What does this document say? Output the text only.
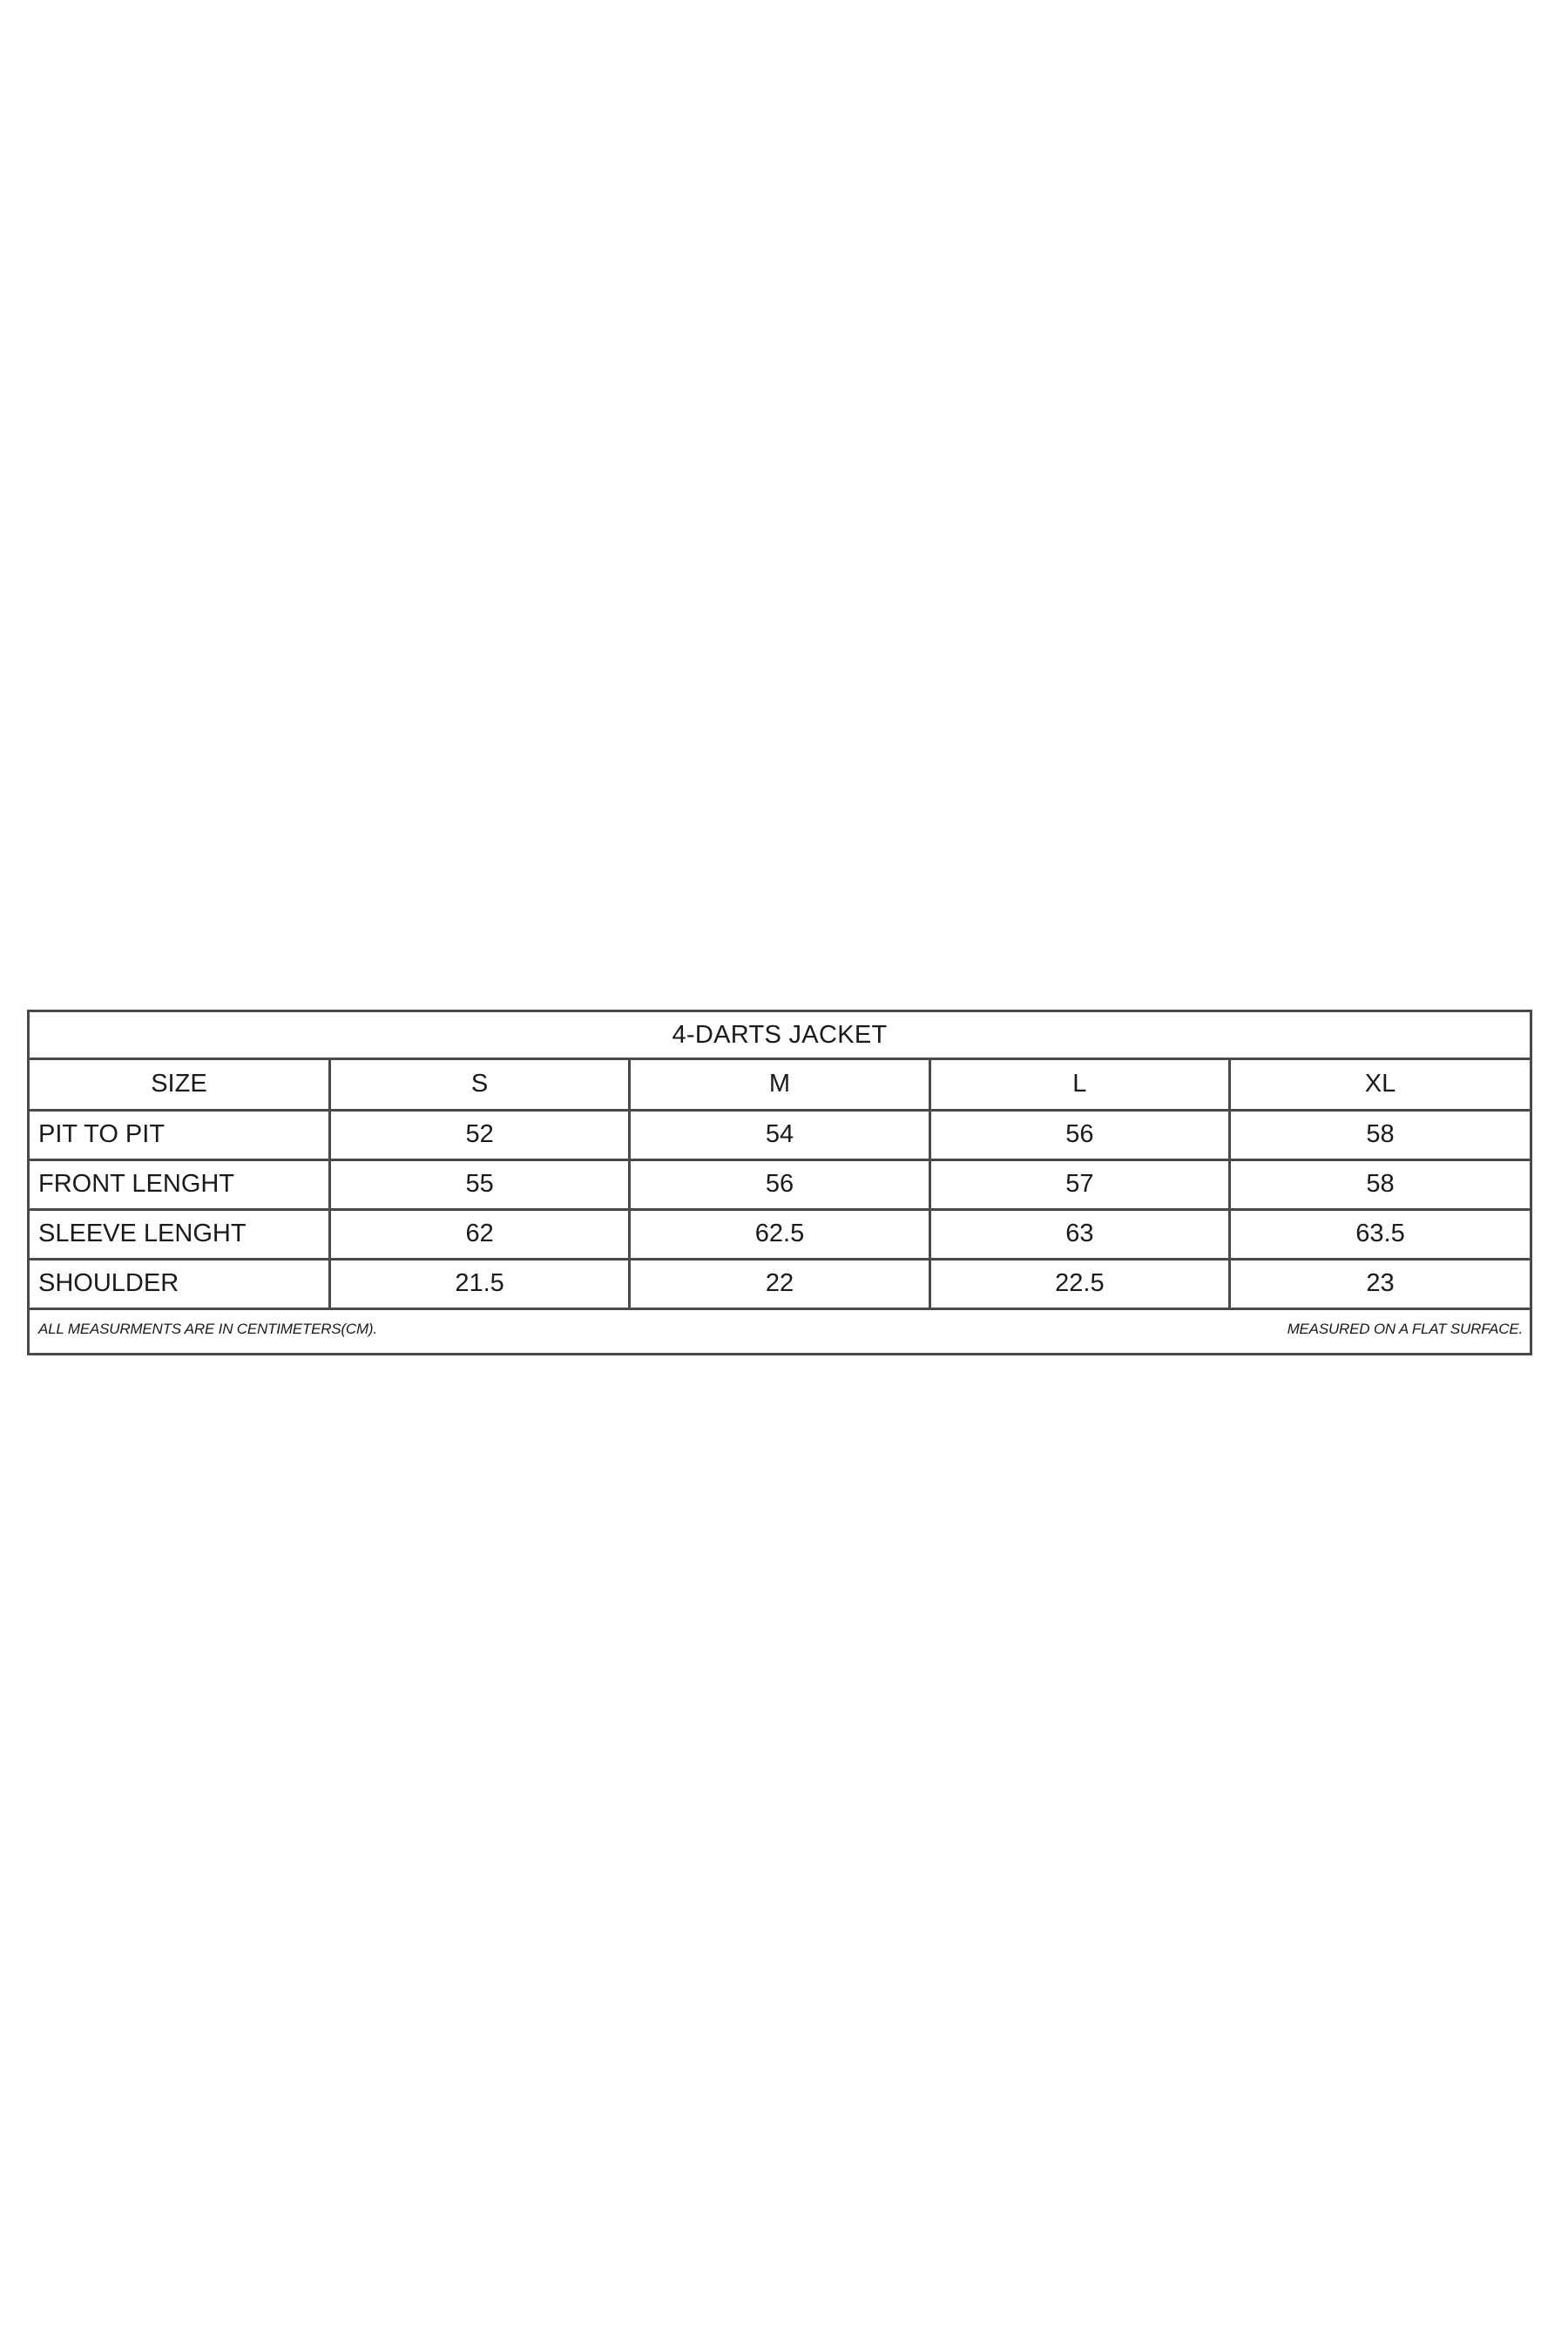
4-DARTS JACKET
SIZE	S	M	L	XL
PIT TO PIT	52	54	56	58
FRONT LENGHT	55	56	57	58
SLEEVE LENGHT	62	62.5	63	63.5
SHOULDER	21.5	22	22.5	23
ALL MEASURMENTS ARE IN CENTIMETERS(CM).	MEASURED ON A FLAT SURFACE.
